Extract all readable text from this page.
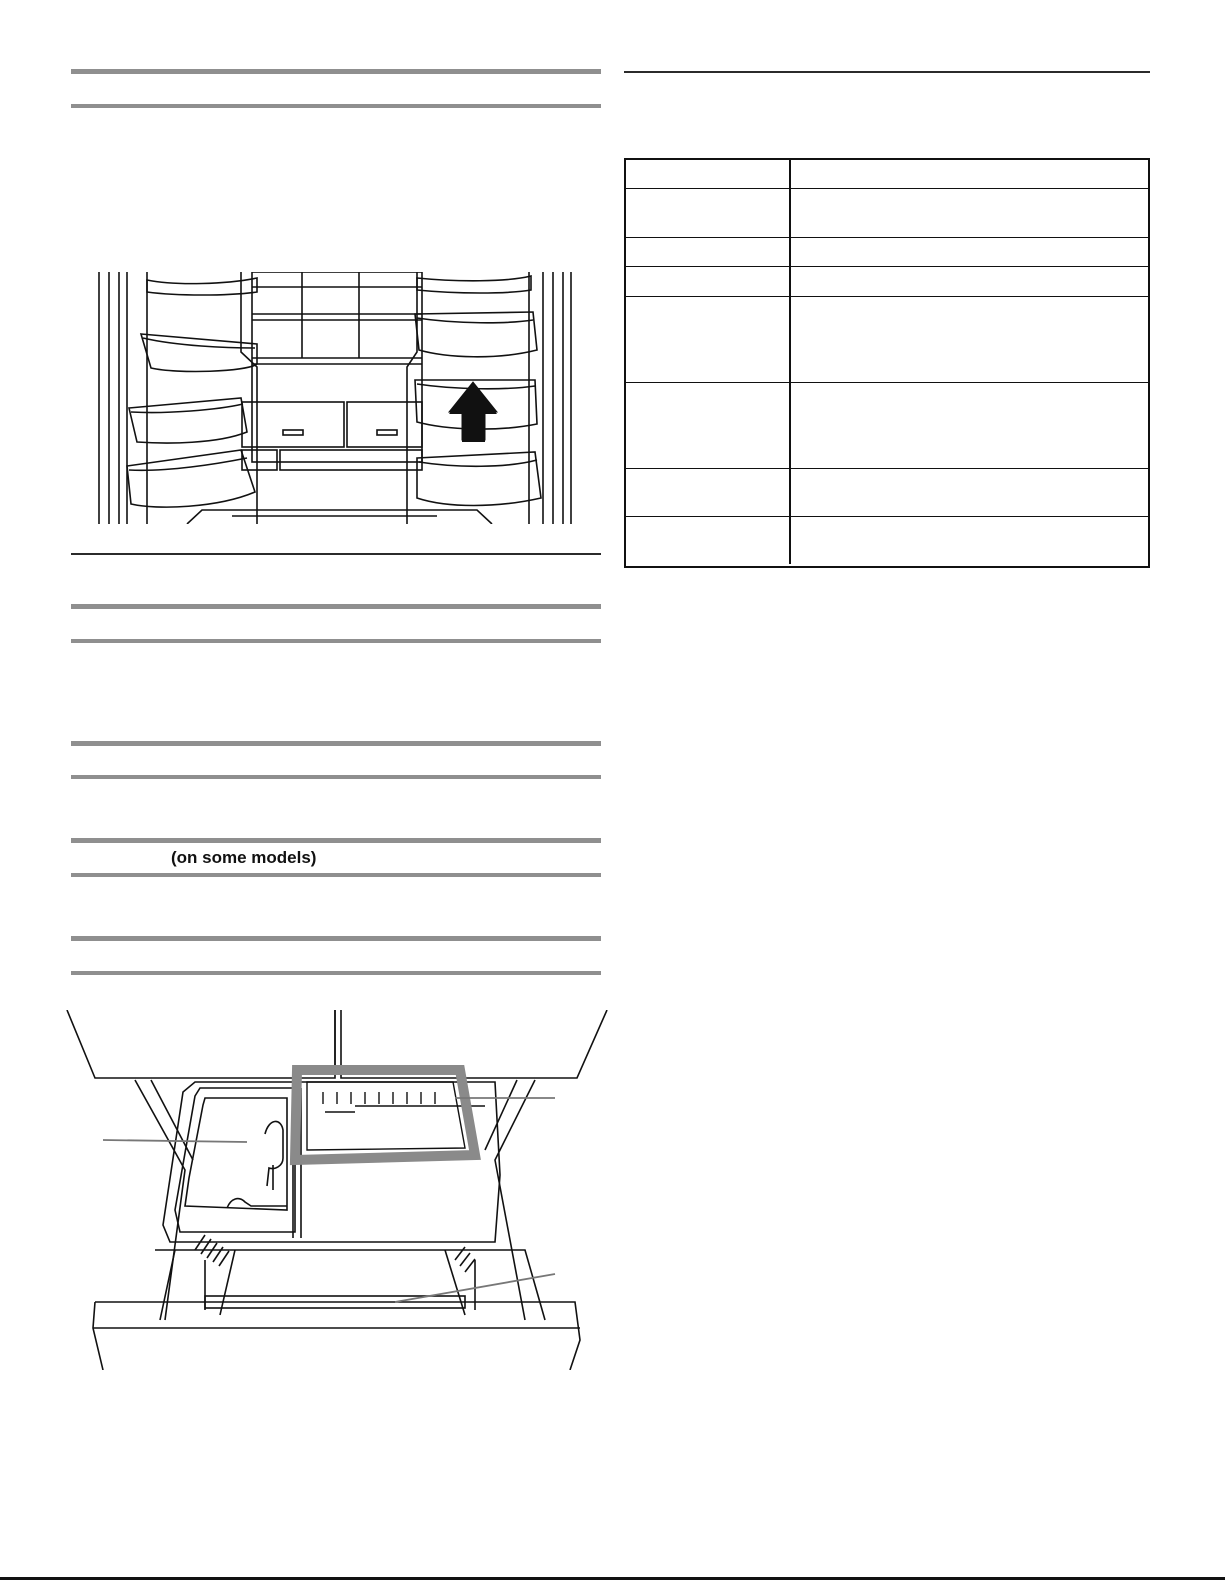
(on some models)
